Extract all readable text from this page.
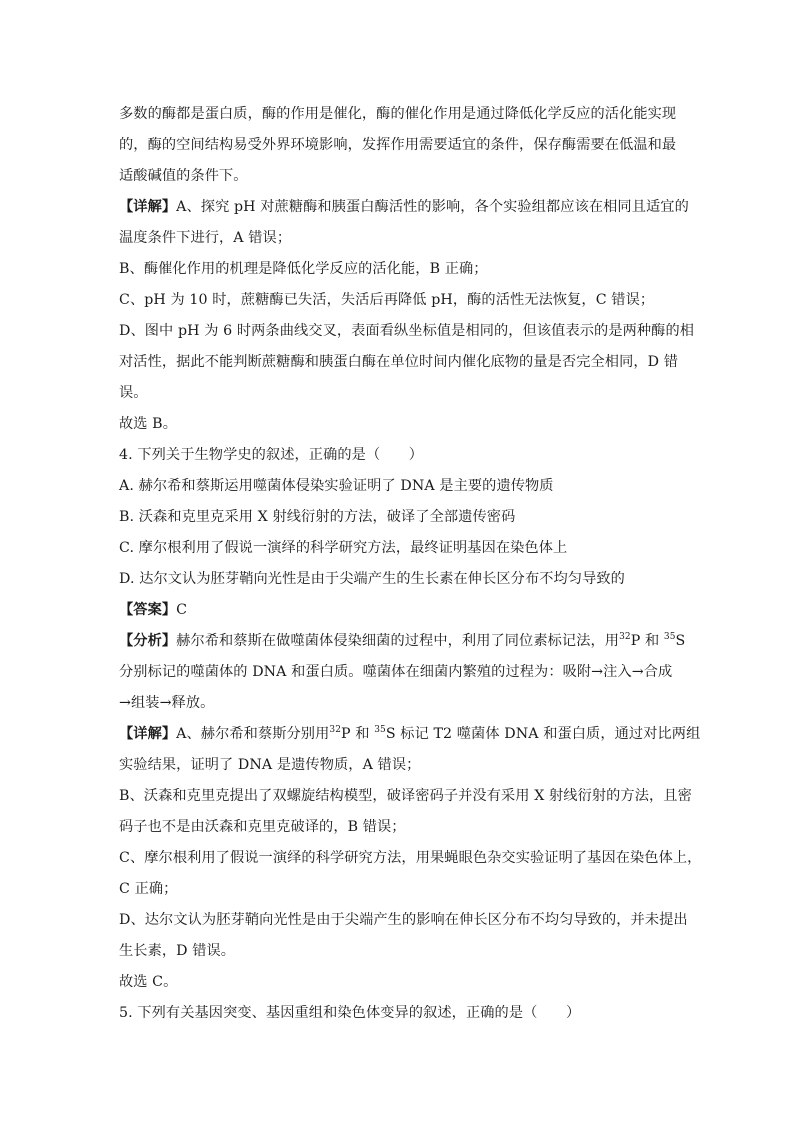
多数的酶都是蛋白质，酶的作用是催化，酶的催化作用是通过降低化学反应的活化能实现
的，酶的空间结构易受外界环境影响，发挥作用需要适宜的条件，保存酶需要在低温和最
适酸碱值的条件下。
【详解】A、探究 pH 对蔗糖酶和胰蛋白酶活性的影响，各个实验组都应该在相同且适宜的
温度条件下进行，A 错误；
B、酶催化作用的机理是降低化学反应的活化能，B 正确；
C、pH 为 10 时，蔗糖酶已失活，失活后再降低 pH，酶的活性无法恢复，C 错误；
D、图中 pH 为 6 时两条曲线交叉，表面看纵坐标值是相同的，但该值表示的是两种酶的相
对活性，据此不能判断蔗糖酶和胰蛋白酶在单位时间内催化底物的量是否完全相同，D 错
误。
故选 B。
4. 下列关于生物学史的叙述，正确的是（　　）
A. 赫尔希和蔡斯运用噬菌体侵染实验证明了 DNA 是主要的遗传物质
B. 沃森和克里克采用 X 射线衍射的方法，破译了全部遗传密码
C. 摩尔根利用了假说一演绎的科学研究方法，最终证明基因在染色体上
D. 达尔文认为胚芽鞘向光性是由于尖端产生的生长素在伸长区分布不均匀导致的
【答案】C
【分析】赫尔希和蔡斯在做噬菌体侵染细菌的过程中，利用了同位素标记法，用$^{32}$P 和 $^{35}$S
分别标记的噬菌体的 DNA 和蛋白质。噬菌体在细菌内繁殖的过程为：吸附→注入→合成
→组装→释放。
【详解】A、赫尔希和蔡斯分别用$^{32}$P 和 $^{35}$S 标记 T2 噬菌体 DNA 和蛋白质，通过对比两组
实验结果，证明了 DNA 是遗传物质，A 错误；
B、沃森和克里克提出了双螺旋结构模型，破译密码子并没有采用 X 射线衍射的方法，且密
码子也不是由沃森和克里克破译的，B 错误；
C、摩尔根利用了假说一演绎的科学研究方法，用果蝇眼色杂交实验证明了基因在染色体上，
C 正确；
D、达尔文认为胚芽鞘向光性是由于尖端产生的影响在伸长区分布不均匀导致的，并未提出
生长素，D 错误。
故选 C。
5. 下列有关基因突变、基因重组和染色体变异的叙述，正确的是（　　）
